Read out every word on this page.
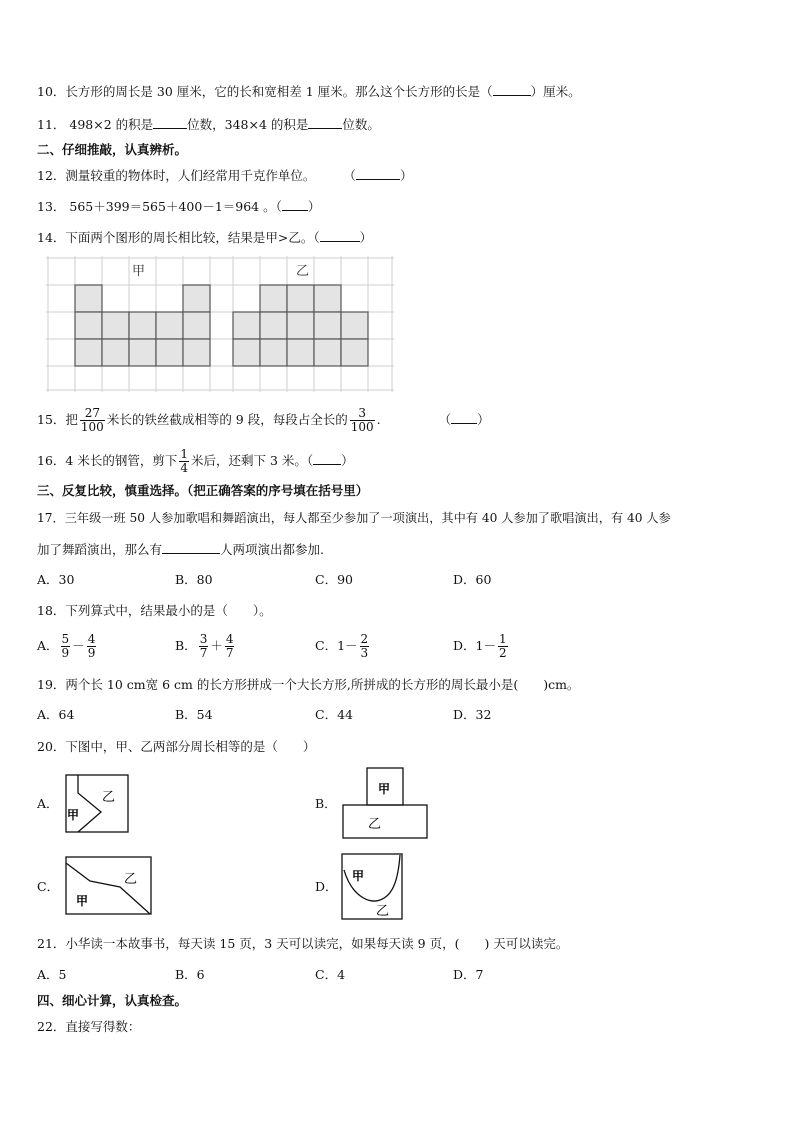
10．长方形的周长是 30 厘米，它的长和宽相差 1 厘米。那么这个长方形的长是（	）厘米。
11． 498×2 的积是	位数，348×4 的积是	位数。
二、仔细推敲，认真辨析。
12．测量较重的物体时，人们经常用千克作单位。 （	）
13． 565＋399＝565＋400－1＝964 。（ ）
14．下面两个图形的周长相比较，结果是甲>乙。（	）
甲	乙
15．把 $\frac{27}{100}$ 米长的铁丝截成相等的 9 段，每段占全长的 $\frac{3}{100}$ .	（ ）
16．4 米长的钢管，剪下 $\frac{1}{4}$ 米后，还剩下 3 米。（ ）
三、反复比较，慎重选择。（把正确答案的序号填在括号里）
17．三年级一班 50 人参加歌唱和舞蹈演出，每人都至少参加了一项演出，其中有 40 人参加了歌唱演出，有 40 人参
加了舞蹈演出，那么有	人两项演出都参加.
A．30	B．80	C．90	D．60
18．下列算式中，结果最小的是（　　）。
A． $\frac{5}{9} - \frac{4}{9}$	B． $\frac{3}{7} + \frac{4}{7}$	C．$1- \frac{2}{3}$	D．$1- \frac{1}{2}$
19．两个长 10 cm宽 6 cm 的长方形拼成一个大长方形,所拼成的长方形的周长最小是(　　)cm。
A．64	B．54	C．44	D．32
20．下图中，甲、乙两部分周长相等的是（　　）
A．
甲
乙	B．
甲
乙
C．
甲
乙	D．
甲
乙
21．小华读一本故事书，每天读 15 页，3 天可以读完，如果每天读 9 页，(　　) 天可以读完。
A．5	B．6	C．4	D．7
四、细心计算，认真检查。
22．直接写得数：
